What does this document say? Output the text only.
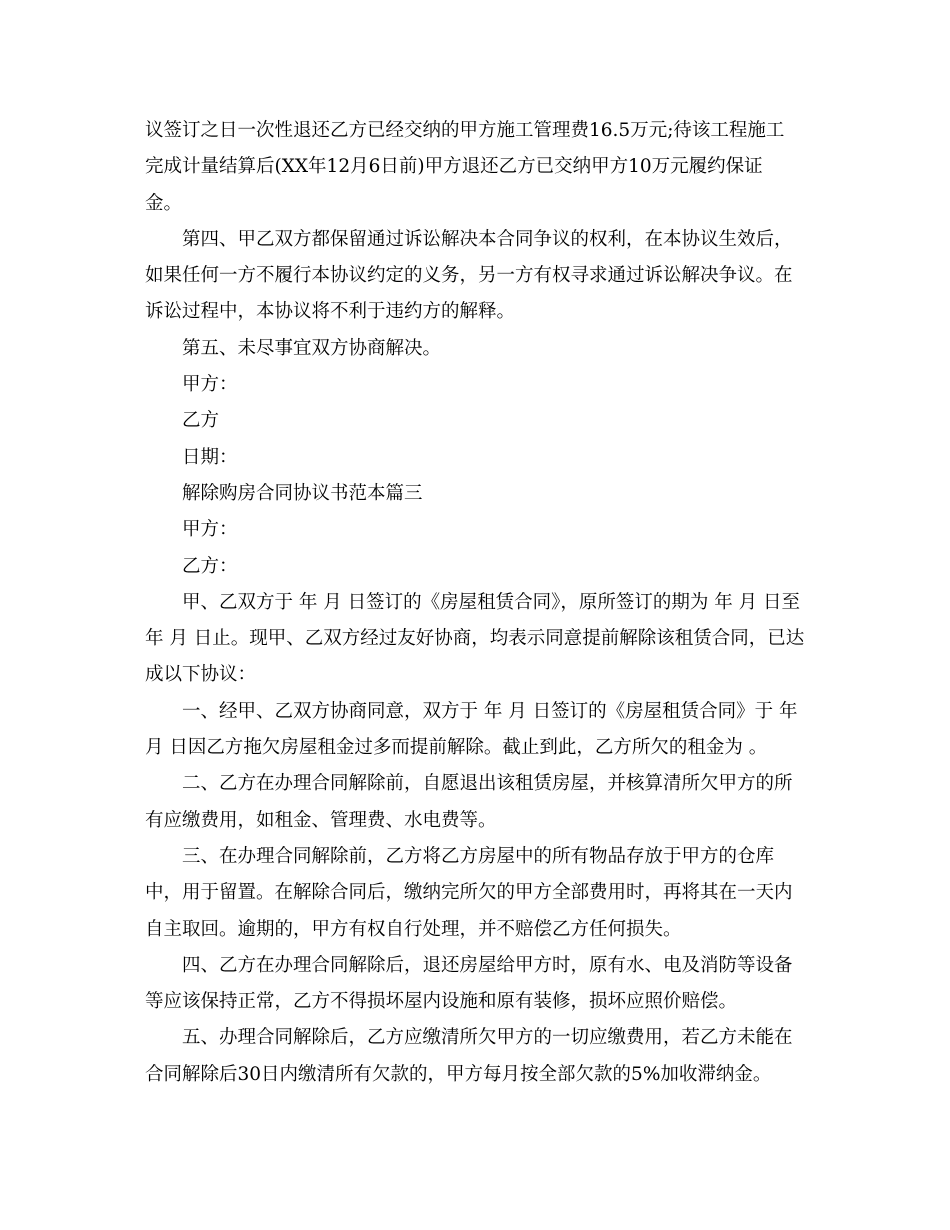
议签订之日一次性退还乙方已经交纳的甲方施工管理费16.5万元;待该工程施工
完成计量结算后(XX年12月6日前)甲方退还乙方已交纳甲方10万元履约保证
金。
第四、甲乙双方都保留通过诉讼解决本合同争议的权利，在本协议生效后，
如果任何一方不履行本协议约定的义务，另一方有权寻求通过诉讼解决争议。在
诉讼过程中，本协议将不利于违约方的解释。
第五、未尽事宜双方协商解决。
甲方：
乙方
日期：
解除购房合同协议书范本篇三
甲方：
乙方：
甲、乙双方于 年 月 日签订的《房屋租赁合同》，原所签订的期为 年 月 日至
年 月 日止。现甲、乙双方经过友好协商，均表示同意提前解除该租赁合同，已达
成以下协议：
一、经甲、乙双方协商同意，双方于 年 月 日签订的《房屋租赁合同》于 年
月 日因乙方拖欠房屋租金过多而提前解除。截止到此，乙方所欠的租金为 。
二、乙方在办理合同解除前，自愿退出该租赁房屋，并核算清所欠甲方的所
有应缴费用，如租金、管理费、水电费等。
三、在办理合同解除前，乙方将乙方房屋中的所有物品存放于甲方的仓库
中，用于留置。在解除合同后，缴纳完所欠的甲方全部费用时，再将其在一天内
自主取回。逾期的，甲方有权自行处理，并不赔偿乙方任何损失。
四、乙方在办理合同解除后，退还房屋给甲方时，原有水、电及消防等设备
等应该保持正常，乙方不得损坏屋内设施和原有装修，损坏应照价赔偿。
五、办理合同解除后，乙方应缴清所欠甲方的一切应缴费用，若乙方未能在
合同解除后30日内缴清所有欠款的，甲方每月按全部欠款的5%加收滞纳金。
